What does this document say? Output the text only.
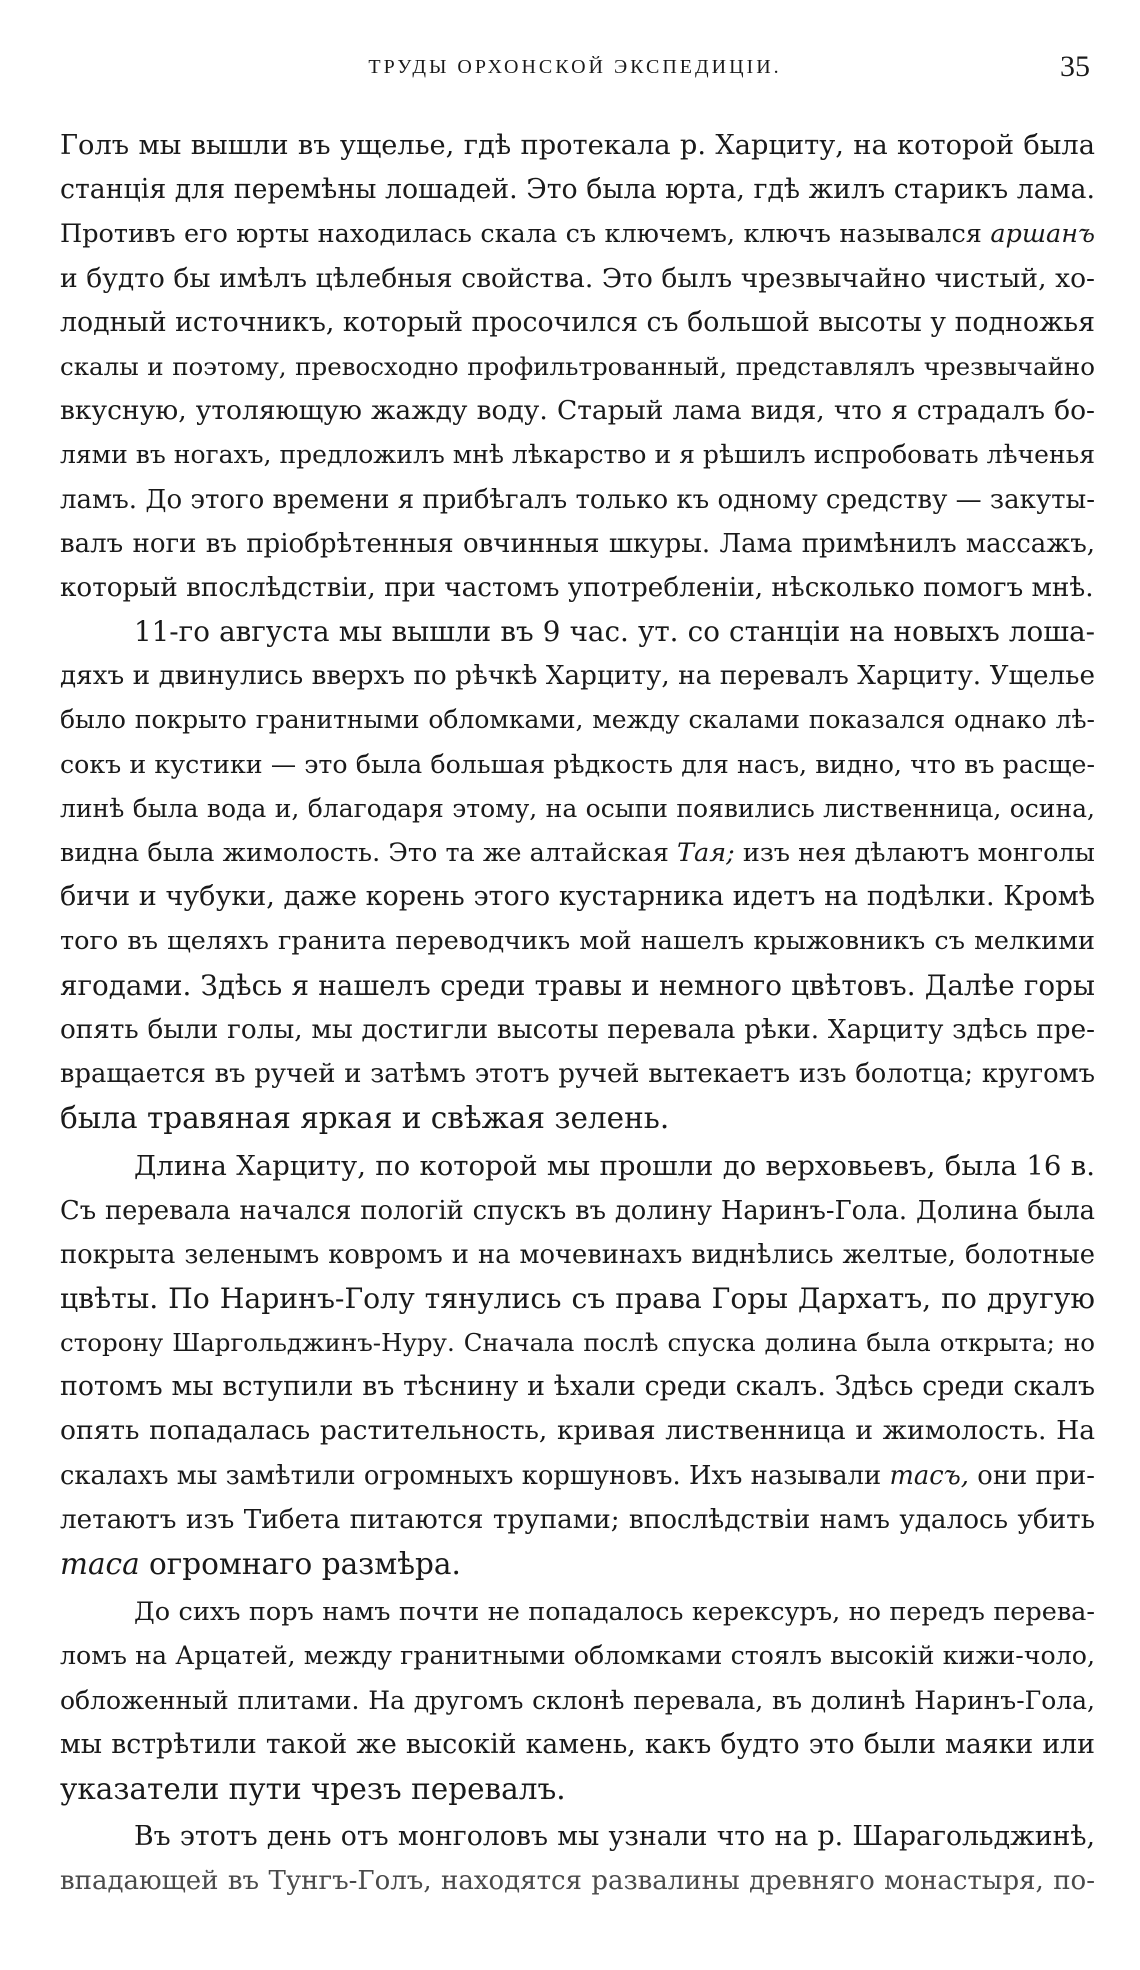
ТРУДЫ ОРХОНСКОЙ ЭКСПЕДИЦІИ.	35
Голъ мы вышли въ ущелье, гдѣ протекала р. Харциту, на которой была
станція для перемѣны лошадей. Это была юрта, гдѣ жилъ старикъ лама.
Противъ его юрты находилась скала съ ключемъ, ключъ назывался аршанъ
и будто бы имѣлъ цѣлебныя свойства. Это былъ чрезвычайно чистый, хо-
лодный источникъ, который просочился съ большой высоты у подножья
скалы и поэтому, превосходно профильтрованный, представлялъ чрезвычайно
вкусную, утоляющую жажду воду. Старый лама видя, что я страдалъ бо-
лями въ ногахъ, предложилъ мнѣ лѣкарство и я рѣшилъ испробовать лѣченья
ламъ. До этого времени я прибѣгалъ только къ одному средству — закуты-
валъ ноги въ пріобрѣтенныя овчинныя шкуры. Лама примѣнилъ массажъ,
который впослѣдствіи, при частомъ употребленіи, нѣсколько помогъ мнѣ.
11-го августа мы вышли въ 9 час. ут. со станціи на новыхъ лоша-
дяхъ и двинулись вверхъ по рѣчкѣ Харциту, на перевалъ Харциту. Ущелье
было покрыто гранитными обломками, между скалами показался однако лѣ-
сокъ и кустики — это была большая рѣдкость для насъ, видно, что въ расще-
линѣ была вода и, благодаря этому, на осыпи появились лиственница, осина,
видна была жимолость. Это та же алтайская Тая; изъ нея дѣлаютъ монголы
бичи и чубуки, даже корень этого кустарника идетъ на подѣлки. Кромѣ
того въ щеляхъ гранита переводчикъ мой нашелъ крыжовникъ съ мелкими
ягодами. Здѣсь я нашелъ среди травы и немного цвѣтовъ. Далѣе горы
опять были голы, мы достигли высоты перевала рѣки. Харциту здѣсь пре-
вращается въ ручей и затѣмъ этотъ ручей вытекаетъ изъ болотца; кругомъ
была травяная яркая и свѣжая зелень.
Длина Харциту, по которой мы прошли до верховьевъ, была 16 в.
Съ перевала начался пологій спускъ въ долину Наринъ-Гола. Долина была
покрыта зеленымъ ковромъ и на мочевинахъ виднѣлись желтые, болотные
цвѣты. По Наринъ-Голу тянулись съ права Горы Дархатъ, по другую
сторону Шаргольджинъ-Нуру. Сначала послѣ спуска долина была открыта; но
потомъ мы вступили въ тѣснину и ѣхали среди скалъ. Здѣсь среди скалъ
опять попадалась растительность, кривая лиственница и жимолость. На
скалахъ мы замѣтили огромныхъ коршуновъ. Ихъ называли тасъ, они при-
летаютъ изъ Тибета питаются трупами; впослѣдствіи намъ удалось убить
таса огромнаго размѣра.
До сихъ поръ намъ почти не попадалось керексуръ, но передъ перева-
ломъ на Арцатей, между гранитными обломками стоялъ высокій кижи-чоло,
обложенный плитами. На другомъ склонѣ перевала, въ долинѣ Наринъ-Гола,
мы встрѣтили такой же высокій камень, какъ будто это были маяки или
указатели пути чрезъ перевалъ.
Въ этотъ день отъ монголовъ мы узнали что на р. Шарагольджинѣ,
впадающей въ Тунгъ-Голъ, находятся развалины древняго монастыря, по-
